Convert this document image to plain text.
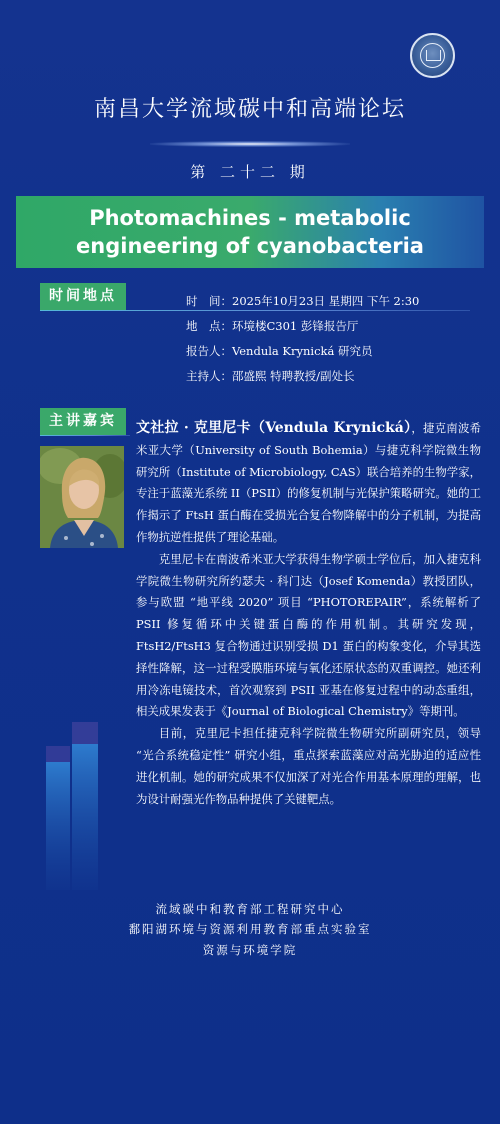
南昌大学流域碳中和高端论坛
第 二十二 期
Photomachines - metabolic engineering of cyanobacteria
时间地点	时　间：2025年10月23日 星期四 下午 2:30
地　点：环境楼C301 彭锋报告厅
报告人：Vendula Krynická 研究员
主持人：邵盛熙 特聘教授/副处长
主讲嘉宾	文社拉 · 克里尼卡（Vendula Krynická），捷克南波希米亚大学（University of South Bohemia）与捷克科学院微生物研究所（Institute of Microbiology, CAS）联合培养的生物学家，专注于蓝藻光系统 II（PSII）的修复机制与光保护策略研究。她的工作揭示了 FtsH 蛋白酶在受损光合复合物降解中的分子机制，为提高作物抗逆性提供了理论基础。

克里尼卡在南波希米亚大学获得生物学硕士学位后，加入捷克科学院微生物研究所约瑟夫 · 科门达（Josef Komenda）教授团队，参与欧盟 “地平线 2020” 项目 “PHOTOREPAIR”，系统解析了 PSII 修复循环中关键蛋白酶的作用机制。其研究发现，FtsH2/FtsH3 复合物通过识别受损 D1 蛋白的构象变化，介导其选择性降解，这一过程受膜脂环境与氧化还原状态的双重调控。她还利用冷冻电镜技术，首次观察到 PSII 亚基在修复过程中的动态重组，相关成果发表于《Journal of Biological Chemistry》等期刊。

目前，克里尼卡担任捷克科学院微生物研究所副研究员，领导 “光合系统稳定性” 研究小组，重点探索蓝藻应对高光胁迫的适应性进化机制。她的研究成果不仅加深了对光合作用基本原理的理解，也为设计耐强光作物品种提供了关键靶点。

流域碳中和教育部工程研究中心
鄱阳湖环境与资源利用教育部重点实验室
资源与环境学院
